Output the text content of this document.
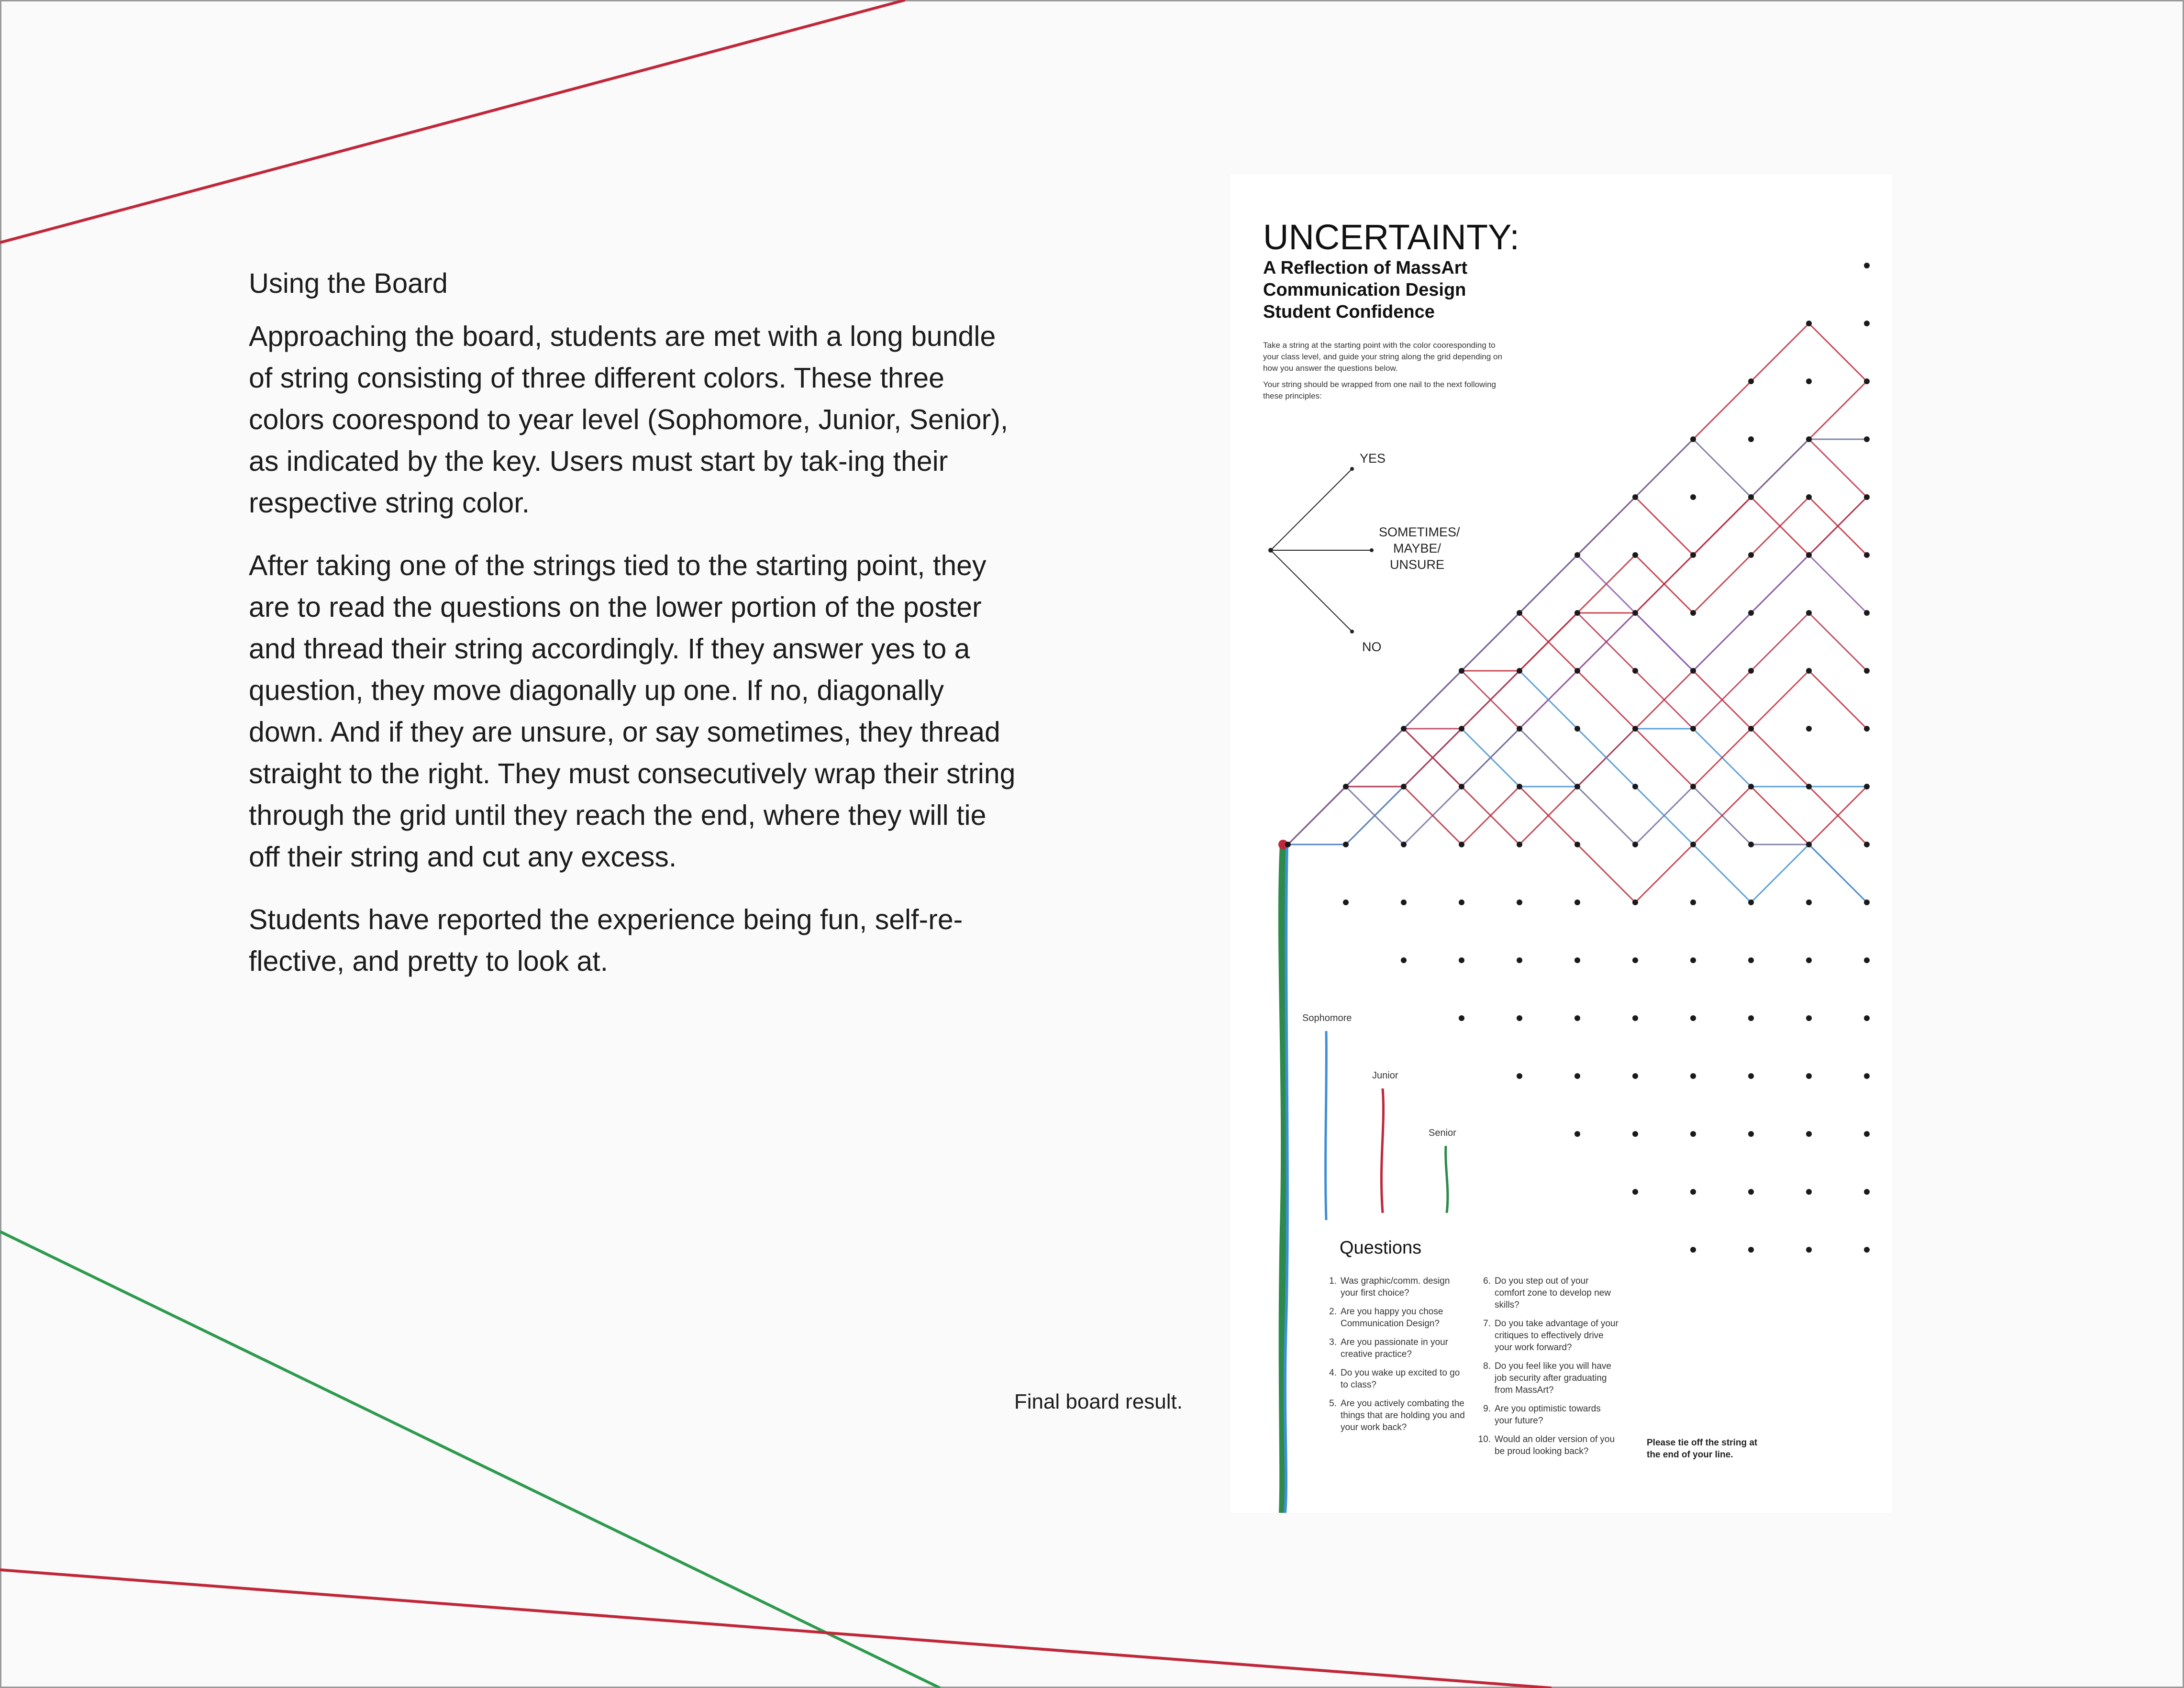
Using the Board

Approaching the board, students are met with a long bundle of string consisting of three different colors. These three colors coorespond to year level (Sophomore, Junior, Senior), as indicated by the key. Users must start by tak-ing their respective string color.

After taking one of the strings tied to the starting point, they are to read the questions on the lower portion of the poster and thread their string accordingly. If they answer yes to a question, they move diagonally up one. If no, diagonally down. And if they are unsure, or say sometimes, they thread straight to the right. They must consecutively wrap their string through the grid until they reach the end, where they will tie off their string and cut any excess.

Students have reported the experience being fun, self-re-flective, and pretty to look at.

Final board result.
UNCERTAINTY:
A Reflection of MassArt
Communication Design
Student Confidence

Take a string at the starting point with the color cooresponding to your class level, and guide your string along the grid depending on how you answer the questions below.

Your string should be wrapped from one nail to the next following these principles:

YES
SOMETIMES/
MAYBE/
UNSURE
NO
Sophomore
Junior
Senior
Questions
1. Was graphic/comm. design your first choice?
2. Are you happy you chose Communication Design?
3. Are you passionate in your creative practice?
4. Do you wake up excited to go to class?
5. Are you actively combating the things that are holding you and your work back?
6. Do you step out of your comfort zone to develop new skills?
7. Do you take advantage of your critiques to effectively drive your work forward?
8. Do you feel like you will have job security after graduating from MassArt?
9. Are you optimistic towards your future?
10. Would an older version of you be proud looking back?
Please tie off the string at the end of your line.
